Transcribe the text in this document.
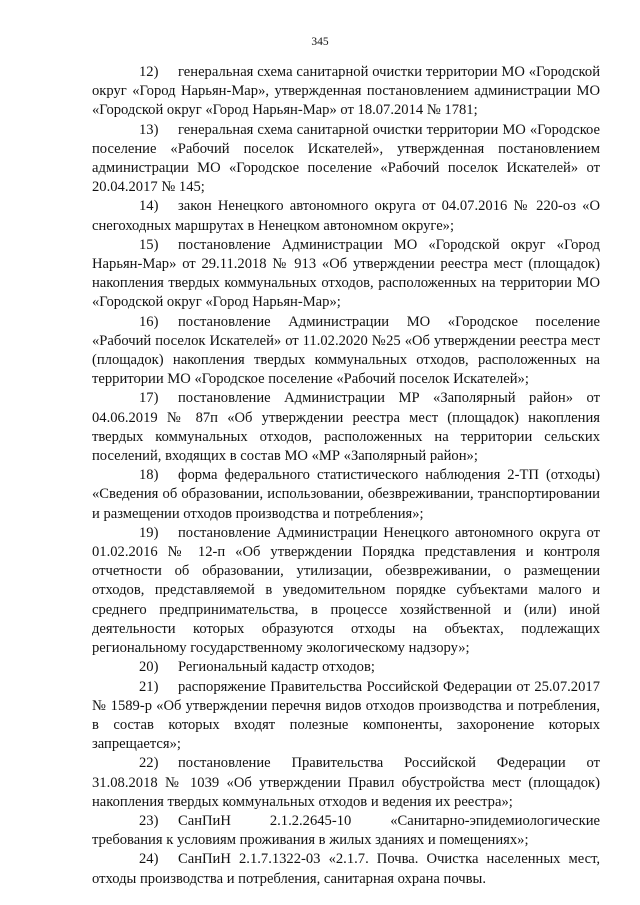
345

12) генеральная схема санитарной очистки территории МО «Городской округ «Город Нарьян-Мар», утвержденная постановлением администрации МО «Городской округ «Город Нарьян-Мар» от 18.07.2014 № 1781;

13) генеральная схема санитарной очистки территории МО «Городское поселение «Рабочий поселок Искателей», утвержденная постановлением администрации МО «Городское поселение «Рабочий поселок Искателей» от 20.04.2017 № 145;

14) закон Ненецкого автономного округа от 04.07.2016 № 220-оз «О снегоходных маршрутах в Ненецком автономном округе»;

15) постановление Администрации МО «Городской округ «Город Нарьян-Мар» от 29.11.2018 № 913 «Об утверждении реестра мест (площадок) накопления твердых коммунальных отходов, расположенных на территории МО «Городской округ «Город Нарьян-Мар»;

16) постановление Администрации МО «Городское поселение «Рабочий поселок Искателей» от 11.02.2020 №25 «Об утверждении реестра мест (площадок) накопления твердых коммунальных отходов, расположенных на территории МО «Городское поселение «Рабочий поселок Искателей»;

17) постановление Администрации МР «Заполярный район» от 04.06.2019 № 87п «Об утверждении реестра мест (площадок) накопления твердых коммунальных отходов, расположенных на территории сельских поселений, входящих в состав МО «МР «Заполярный район»;

18) форма федерального статистического наблюдения 2-ТП (отходы) «Сведения об образовании, использовании, обезвреживании, транспортировании и размещении отходов производства и потребления»;

19) постановление Администрации Ненецкого автономного округа от 01.02.2016 № 12-п «Об утверждении Порядка представления и контроля отчетности об образовании, утилизации, обезвреживании, о размещении отходов, представляемой в уведомительном порядке субъектами малого и среднего предпринимательства, в процессе хозяйственной и (или) иной деятельности которых образуются отходы на объектах, подлежащих региональному государственному экологическому надзору»;

20) Региональный кадастр отходов;

21) распоряжение Правительства Российской Федерации от 25.07.2017 № 1589-р «Об утверждении перечня видов отходов производства и потребления, в состав которых входят полезные компоненты, захоронение которых запрещается»;

22) постановление Правительства Российской Федерации от 31.08.2018 № 1039 «Об утверждении Правил обустройства мест (площадок) накопления твердых коммунальных отходов и ведения их реестра»;

23) СанПиН 2.1.2.2645-10 «Санитарно-эпидемиологические требования к условиям проживания в жилых зданиях и помещениях»;

24) СанПиН 2.1.7.1322-03 «2.1.7. Почва. Очистка населенных мест, отходы производства и потребления, санитарная охрана почвы.
